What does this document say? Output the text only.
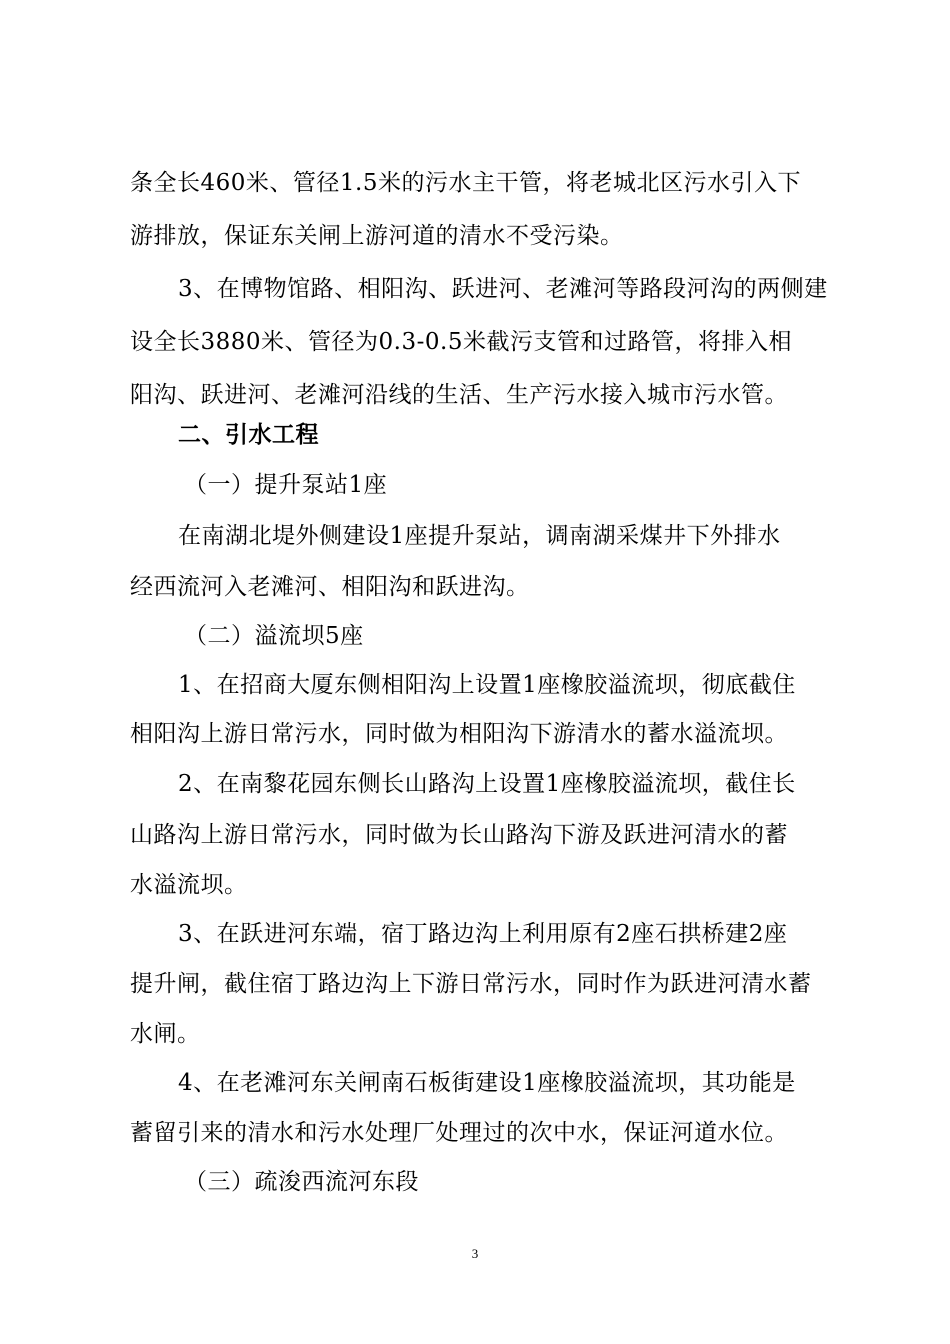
条全长460米、管径1.5米的污水主干管，将老城北区污水引入下
游排放，保证东关闸上游河道的清水不受污染。
3、在博物馆路、相阳沟、跃进河、老滩河等路段河沟的两侧建
设全长3880米、管径为0.3-0.5米截污支管和过路管，将排入相
阳沟、跃进河、老滩河沿线的生活、生产污水接入城市污水管。
二、引水工程
（一）提升泵站1座
在南湖北堤外侧建设1座提升泵站，调南湖采煤井下外排水
经西流河入老滩河、相阳沟和跃进沟。
（二）溢流坝5座
1、在招商大厦东侧相阳沟上设置1座橡胶溢流坝，彻底截住
相阳沟上游日常污水，同时做为相阳沟下游清水的蓄水溢流坝。
2、在南黎花园东侧长山路沟上设置1座橡胶溢流坝，截住长
山路沟上游日常污水，同时做为长山路沟下游及跃进河清水的蓄
水溢流坝。
3、在跃进河东端，宿丁路边沟上利用原有2座石拱桥建2座
提升闸，截住宿丁路边沟上下游日常污水，同时作为跃进河清水蓄
水闸。
4、在老滩河东关闸南石板街建设1座橡胶溢流坝，其功能是
蓄留引来的清水和污水处理厂处理过的次中水，保证河道水位。
（三）疏浚西流河东段
3
